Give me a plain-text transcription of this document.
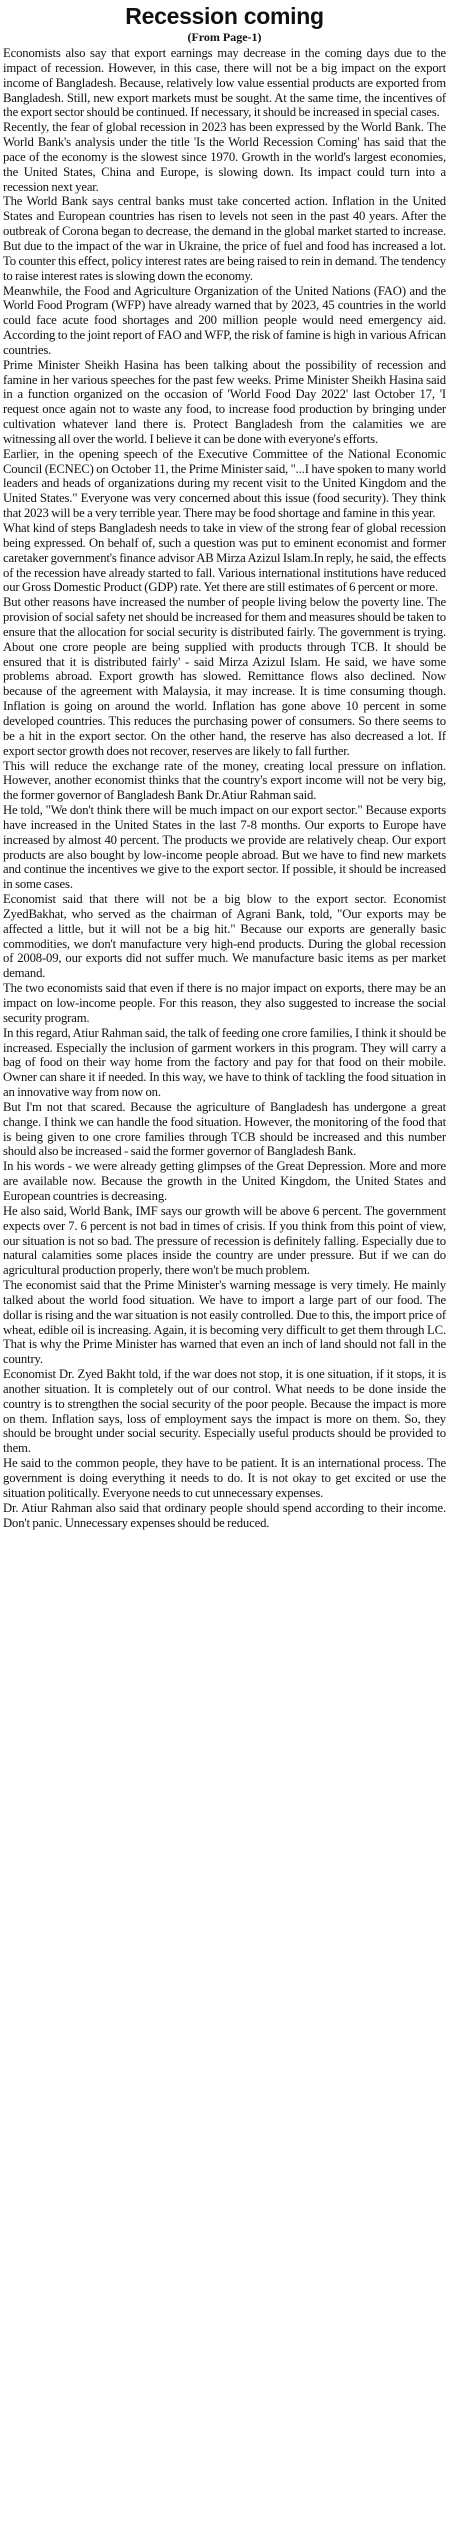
Recession coming
(From Page-1)

Economists also say that export earnings may decrease in the coming days due to the impact of recession. However, in this case, there will not be a big impact on the export income of Bangladesh. Because, relatively low value essential products are exported from Bangladesh. Still, new export markets must be sought. At the same time, the incentives of the export sector should be continued. If necessary, it should be increased in special cases.

Recently, the fear of global recession in 2023 has been expressed by the World Bank. The World Bank's analysis under the title 'Is the World Recession Coming' has said that the pace of the economy is the slowest since 1970. Growth in the world's largest economies, the United States, China and Europe, is slowing down. Its impact could turn into a recession next year.

The World Bank says central banks must take concerted action. Inflation in the United States and European countries has risen to levels not seen in the past 40 years. After the outbreak of Corona began to decrease, the demand in the global market started to increase. But due to the impact of the war in Ukraine, the price of fuel and food has increased a lot. To counter this effect, policy interest rates are being raised to rein in demand. The tendency to raise interest rates is slowing down the economy.

Meanwhile, the Food and Agriculture Organization of the United Nations (FAO) and the World Food Program (WFP) have already warned that by 2023, 45 countries in the world could face acute food shortages and 200 million people would need emergency aid. According to the joint report of FAO and WFP, the risk of famine is high in various African countries.

Prime Minister Sheikh Hasina has been talking about the possibility of recession and famine in her various speeches for the past few weeks. Prime Minister Sheikh Hasina said in a function organized on the occasion of 'World Food Day 2022' last October 17, 'I request once again not to waste any food, to increase food production by bringing under cultivation whatever land there is. Protect Bangladesh from the calamities we are witnessing all over the world. I believe it can be done with everyone's efforts.

Earlier, in the opening speech of the Executive Committee of the National Economic Council (ECNEC) on October 11, the Prime Minister said, "...I have spoken to many world leaders and heads of organizations during my recent visit to the United Kingdom and the United States." Everyone was very concerned about this issue (food security). They think that 2023 will be a very terrible year. There may be food shortage and famine in this year.

What kind of steps Bangladesh needs to take in view of the strong fear of global recession being expressed. On behalf of, such a question was put to eminent economist and former caretaker government's finance advisor AB Mirza Azizul Islam.In reply, he said, the effects of the recession have already started to fall. Various international institutions have reduced our Gross Domestic Product (GDP) rate. Yet there are still estimates of 6 percent or more.

But other reasons have increased the number of people living below the poverty line. The provision of social safety net should be increased for them and measures should be taken to ensure that the allocation for social security is distributed fairly. The government is trying. About one crore people are being supplied with products through TCB. It should be ensured that it is distributed fairly' - said Mirza Azizul Islam. He said, we have some problems abroad. Export growth has slowed. Remittance flows also declined. Now because of the agreement with Malaysia, it may increase. It is time consuming though. Inflation is going on around the world. Inflation has gone above 10 percent in some developed countries. This reduces the purchasing power of consumers. So there seems to be a hit in the export sector. On the other hand, the reserve has also decreased a lot. If export sector growth does not recover, reserves are likely to fall further.

This will reduce the exchange rate of the money, creating local pressure on inflation. However, another economist thinks that the country's export income will not be very big, the former governor of Bangladesh Bank Dr.Atiur Rahman said.

He told, "We don't think there will be much impact on our export sector." Because exports have increased in the United States in the last 7-8 months. Our exports to Europe have increased by almost 40 percent. The products we provide are relatively cheap. Our export products are also bought by low-income people abroad. But we have to find new markets and continue the incentives we give to the export sector. If possible, it should be increased in some cases.

Economist said that there will not be a big blow to the export sector. Economist ZyedBakhat, who served as the chairman of Agrani Bank, told, "Our exports may be affected a little, but it will not be a big hit." Because our exports are generally basic commodities, we don't manufacture very high-end products. During the global recession of 2008-09, our exports did not suffer much. We manufacture basic items as per market demand.

The two economists said that even if there is no major impact on exports, there may be an impact on low-income people. For this reason, they also suggested to increase the social security program.

In this regard, Atiur Rahman said, the talk of feeding one crore families, I think it should be increased. Especially the inclusion of garment workers in this program. They will carry a bag of food on their way home from the factory and pay for that food on their mobile. Owner can share it if needed. In this way, we have to think of tackling the food situation in an innovative way from now on.

But I'm not that scared. Because the agriculture of Bangladesh has undergone a great change. I think we can handle the food situation. However, the monitoring of the food that is being given to one crore families through TCB should be increased and this number should also be increased - said the former governor of Bangladesh Bank.

In his words - we were already getting glimpses of the Great Depression. More and more are available now. Because the growth in the United Kingdom, the United States and European countries is decreasing.

He also said, World Bank, IMF says our growth will be above 6 percent. The government expects over 7. 6 percent is not bad in times of crisis. If you think from this point of view, our situation is not so bad. The pressure of recession is definitely falling. Especially due to natural calamities some places inside the country are under pressure. But if we can do agricultural production properly, there won't be much problem.

The economist said that the Prime Minister's warning message is very timely. He mainly talked about the world food situation. We have to import a large part of our food. The dollar is rising and the war situation is not easily controlled. Due to this, the import price of wheat, edible oil is increasing. Again, it is becoming very difficult to get them through LC. That is why the Prime Minister has warned that even an inch of land should not fall in the country.

Economist Dr. Zyed Bakht told, if the war does not stop, it is one situation, if it stops, it is another situation. It is completely out of our control. What needs to be done inside the country is to strengthen the social security of the poor people. Because the impact is more on them. Inflation says, loss of employment says the impact is more on them. So, they should be brought under social security. Especially useful products should be provided to them.

He said to the common people, they have to be patient. It is an international process. The government is doing everything it needs to do. It is not okay to get excited or use the situation politically. Everyone needs to cut unnecessary expenses.

Dr. Atiur Rahman also said that ordinary people should spend according to their income. Don't panic. Unnecessary expenses should be reduced.
